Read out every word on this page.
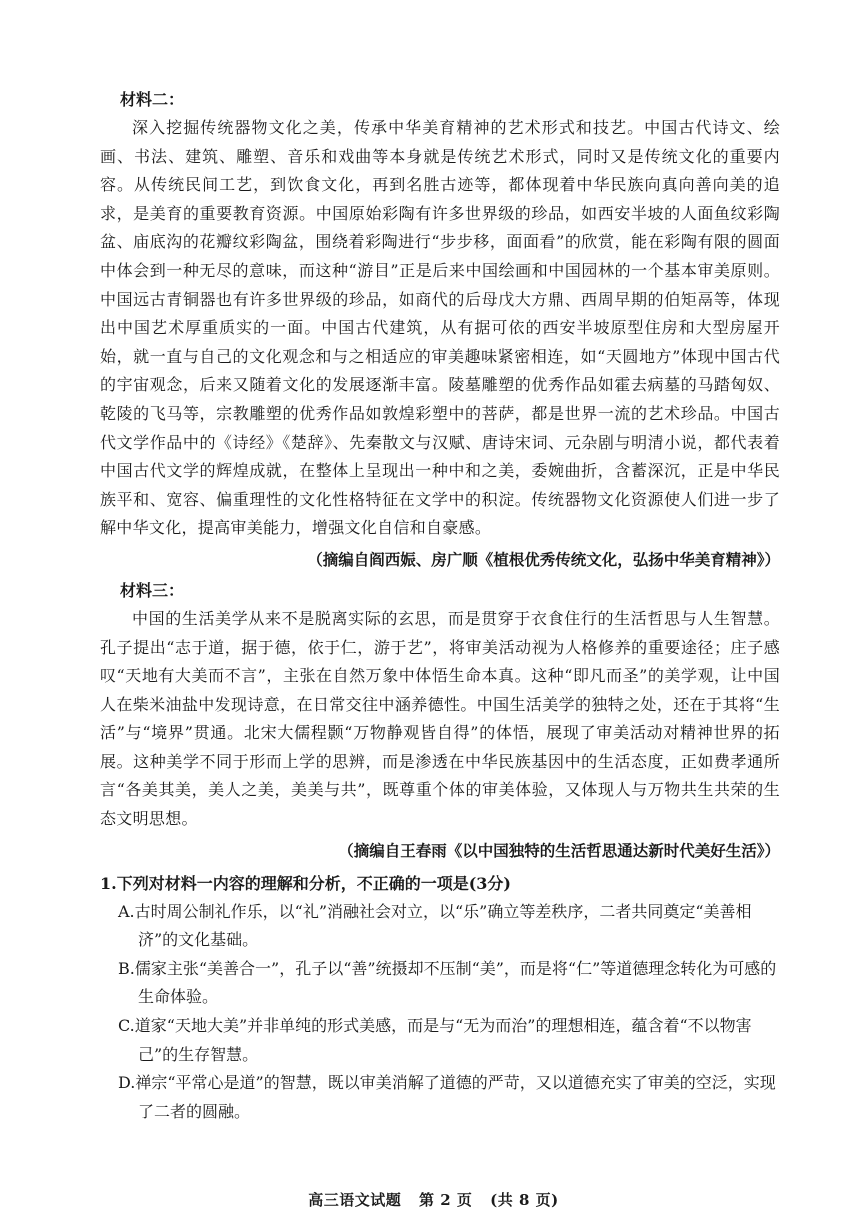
材料二：

深入挖掘传统器物文化之美，传承中华美育精神的艺术形式和技艺。中国古代诗文、绘画、书法、建筑、雕塑、音乐和戏曲等本身就是传统艺术形式，同时又是传统文化的重要内容。从传统民间工艺，到饮食文化，再到名胜古迹等，都体现着中华民族向真向善向美的追求，是美育的重要教育资源。中国原始彩陶有许多世界级的珍品，如西安半坡的人面鱼纹彩陶盆、庙底沟的花瓣纹彩陶盆，围绕着彩陶进行“步步移，面面看”的欣赏，能在彩陶有限的圆面中体会到一种无尽的意味，而这种“游目”正是后来中国绘画和中国园林的一个基本审美原则。中国远古青铜器也有许多世界级的珍品，如商代的后母戊大方鼎、西周早期的伯矩鬲等，体现出中国艺术厚重质实的一面。中国古代建筑，从有据可依的西安半坡原型住房和大型房屋开始，就一直与自己的文化观念和与之相适应的审美趣味紧密相连，如“天圆地方”体现中国古代的宇宙观念，后来又随着文化的发展逐渐丰富。陵墓雕塑的优秀作品如霍去病墓的马踏匈奴、乾陵的飞马等，宗教雕塑的优秀作品如敦煌彩塑中的菩萨，都是世界一流的艺术珍品。中国古代文学作品中的《诗经》《楚辞》、先秦散文与汉赋、唐诗宋词、元杂剧与明清小说，都代表着中国古代文学的辉煌成就，在整体上呈现出一种中和之美，委婉曲折，含蓄深沉，正是中华民族平和、宽容、偏重理性的文化性格特征在文学中的积淀。传统器物文化资源使人们进一步了解中华文化，提高审美能力，增强文化自信和自豪感。

（摘编自阎西娠、房广顺《植根优秀传统文化，弘扬中华美育精神》）
材料三：

中国的生活美学从来不是脱离实际的玄思，而是贯穿于衣食住行的生活哲思与人生智慧。孔子提出“志于道，据于德，依于仁，游于艺”，将审美活动视为人格修养的重要途径；庄子感叹“天地有大美而不言”，主张在自然万象中体悟生命本真。这种“即凡而圣”的美学观，让中国人在柴米油盐中发现诗意，在日常交往中涵养德性。中国生活美学的独特之处，还在于其将“生活”与“境界”贯通。北宋大儒程颢“万物静观皆自得”的体悟，展现了审美活动对精神世界的拓展。这种美学不同于形而上学的思辨，而是渗透在中华民族基因中的生活态度，正如费孝通所言“各美其美，美人之美，美美与共”，既尊重个体的审美体验，又体现人与万物共生共荣的生态文明思想。

（摘编自王春雨《以中国独特的生活哲思通达新时代美好生活》）
1.下列对材料一内容的理解和分析，不正确的一项是(3分)
A.古时周公制礼作乐，以“礼”消融社会对立，以“乐”确立等差秩序，二者共同奠定“美善相济”的文化基础。
B.儒家主张“美善合一”，孔子以“善”统摄却不压制“美”，而是将“仁”等道德理念转化为可感的生命体验。
C.道家“天地大美”并非单纯的形式美感，而是与“无为而治”的理想相连，蕴含着“不以物害己”的生存智慧。
D.禅宗“平常心是道”的智慧，既以审美消解了道德的严苛，又以道德充实了审美的空泛，实现了二者的圆融。
高三语文试题 第 2 页 (共 8 页)
